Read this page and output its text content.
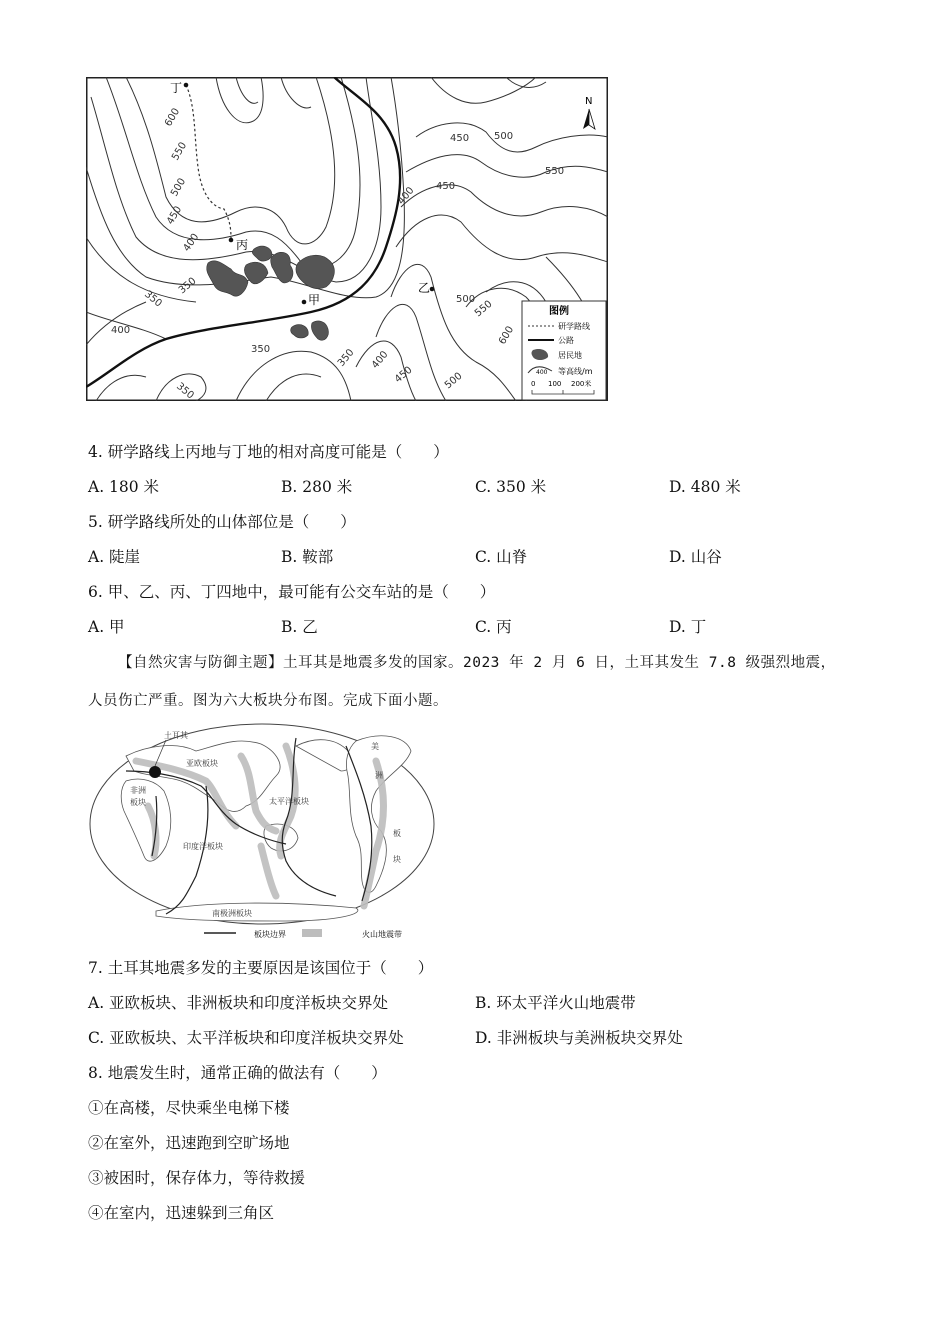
丁
丙
甲
乙
N
600
550
500
450
400
350
350
400
350	350 400
350
450 500
550
400 450
500
550
600
450	500
图例
研学路线
公路
居民地
400 等高线/m
0 100 200米
4. 研学路线上丙地与丁地的相对高度可能是（　　）
A. 180 米	B. 280 米	C. 350 米	D. 480 米
5. 研学路线所处的山体部位是（　　）
A. 陡崖	B. 鞍部	C. 山脊	D. 山谷
6. 甲、乙、丙、丁四地中，最可能有公交车站的是（　　）
A. 甲	B. 乙	C. 丙	D. 丁
【自然灾害与防御主题】土耳其是地震多发的国家。2023 年 2 月 6 日，土耳其发生 7.8 级强烈地震，
人员伤亡严重。图为六大板块分布图。完成下面小题。
土耳其
亚欧板块
非洲
板块	太平洋板块
印度洋板块
南极洲板块
美
洲
板
块
板块边界	火山地震带
7. 土耳其地震多发的主要原因是该国位于（　　）
A. 亚欧板块、非洲板块和印度洋板块交界处	B. 环太平洋火山地震带
C. 亚欧板块、太平洋板块和印度洋板块交界处	D. 非洲板块与美洲板块交界处
8. 地震发生时，通常正确的做法有（　　）
①在高楼，尽快乘坐电梯下楼
②在室外，迅速跑到空旷场地
③被困时，保存体力，等待救援
④在室内，迅速躲到三角区
